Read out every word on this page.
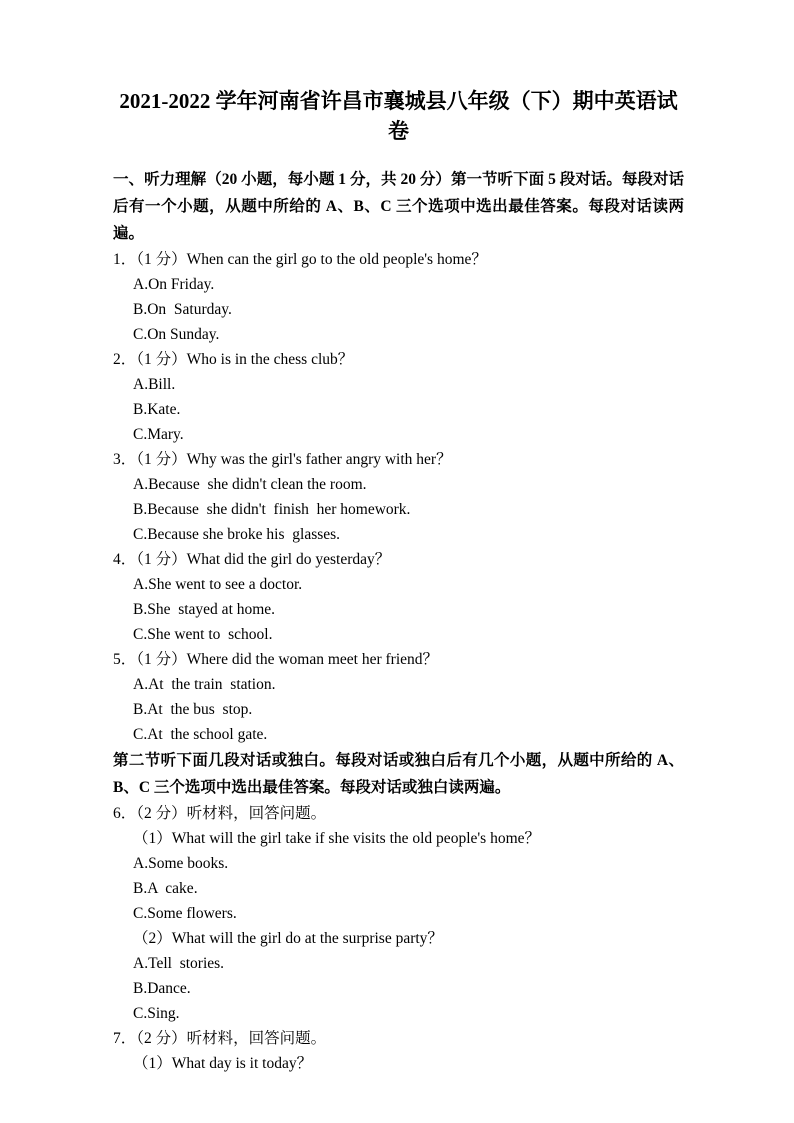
2021-2022 学年河南省许昌市襄城县八年级（下）期中英语试卷

一、听力理解（20 小题，每小题 1 分，共 20 分）第一节听下面 5 段对话。每段对话后有一个小题，从题中所给的 A、B、C 三个选项中选出最佳答案。每段对话读两遍。

1．（1 分）When can the girl go to the old people's home？
A.On Friday.
B.On  Saturday.
C.On Sunday.
2．（1 分）Who is in the chess club？
A.Bill.
B.Kate.
C.Mary.
3．（1 分）Why was the girl's father angry with her？
A.Because  she didn't clean the room.
B.Because  she didn't  finish  her homework.
C.Because she broke his  glasses.
4．（1 分）What did the girl do yesterday？
A.She went to see a doctor.
B.She  stayed at home.
C.She went to  school.
5．（1 分）Where did the woman meet her friend？
A.At  the train  station.
B.At  the bus  stop.
C.At  the school gate.

第二节听下面几段对话或独白。每段对话或独白后有几个小题，从题中所给的 A、B、C 三个选项中选出最佳答案。每段对话或独白读两遍。

6．（2 分）听材料，回答问题。
（1）What will the girl take if she visits the old people's home？
A.Some books.
B.A  cake.
C.Some flowers.
（2）What will the girl do at the surprise party？
A.Tell  stories.
B.Dance.
C.Sing.
7．（2 分）听材料，回答问题。
（1）What day is it today？
